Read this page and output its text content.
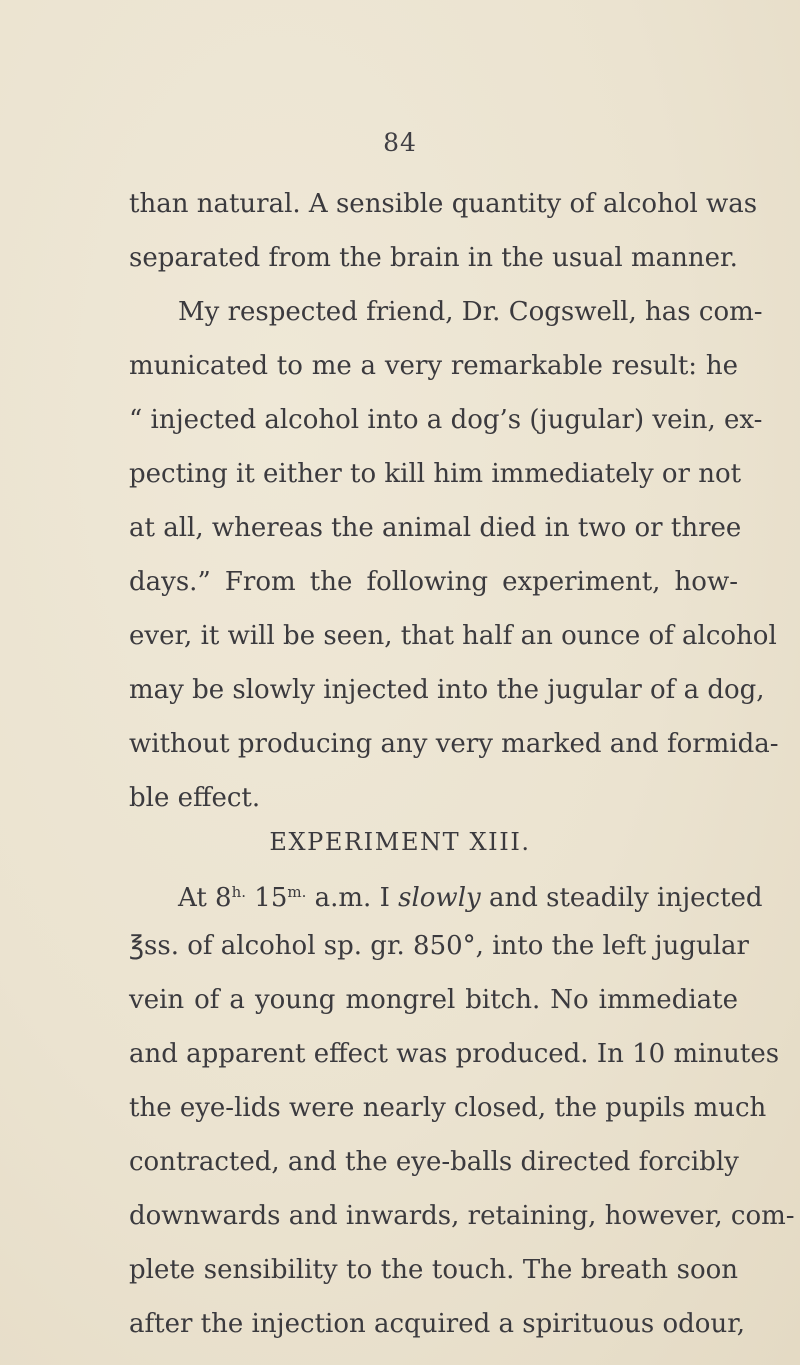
84
than natural. A sensible quantity of alcohol was
separated from the brain in the usual manner.
My respected friend, Dr. Cogswell, has com-
municated to me a very remarkable result: he
“ injected alcohol into a dog’s (jugular) vein, ex-
pecting it either to kill him immediately or not
at all, whereas the animal died in two or three
days.” From the following experiment, how-
ever, it will be seen, that half an ounce of alcohol
may be slowly injected into the jugular of a dog,
without producing any very marked and formida-
ble effect.
EXPERIMENT XIII.
At $8^{h.}$ $15^{m.}$ a.m. I slowly and steadily injected
℥ss. of alcohol sp. gr. 850°, into the left jugular
vein of a young mongrel bitch. No immediate
and apparent effect was produced. In 10 minutes
the eye-lids were nearly closed, the pupils much
contracted, and the eye-balls directed forcibly
downwards and inwards, retaining, however, com-
plete sensibility to the touch. The breath soon
after the injection acquired a spirituous odour,
